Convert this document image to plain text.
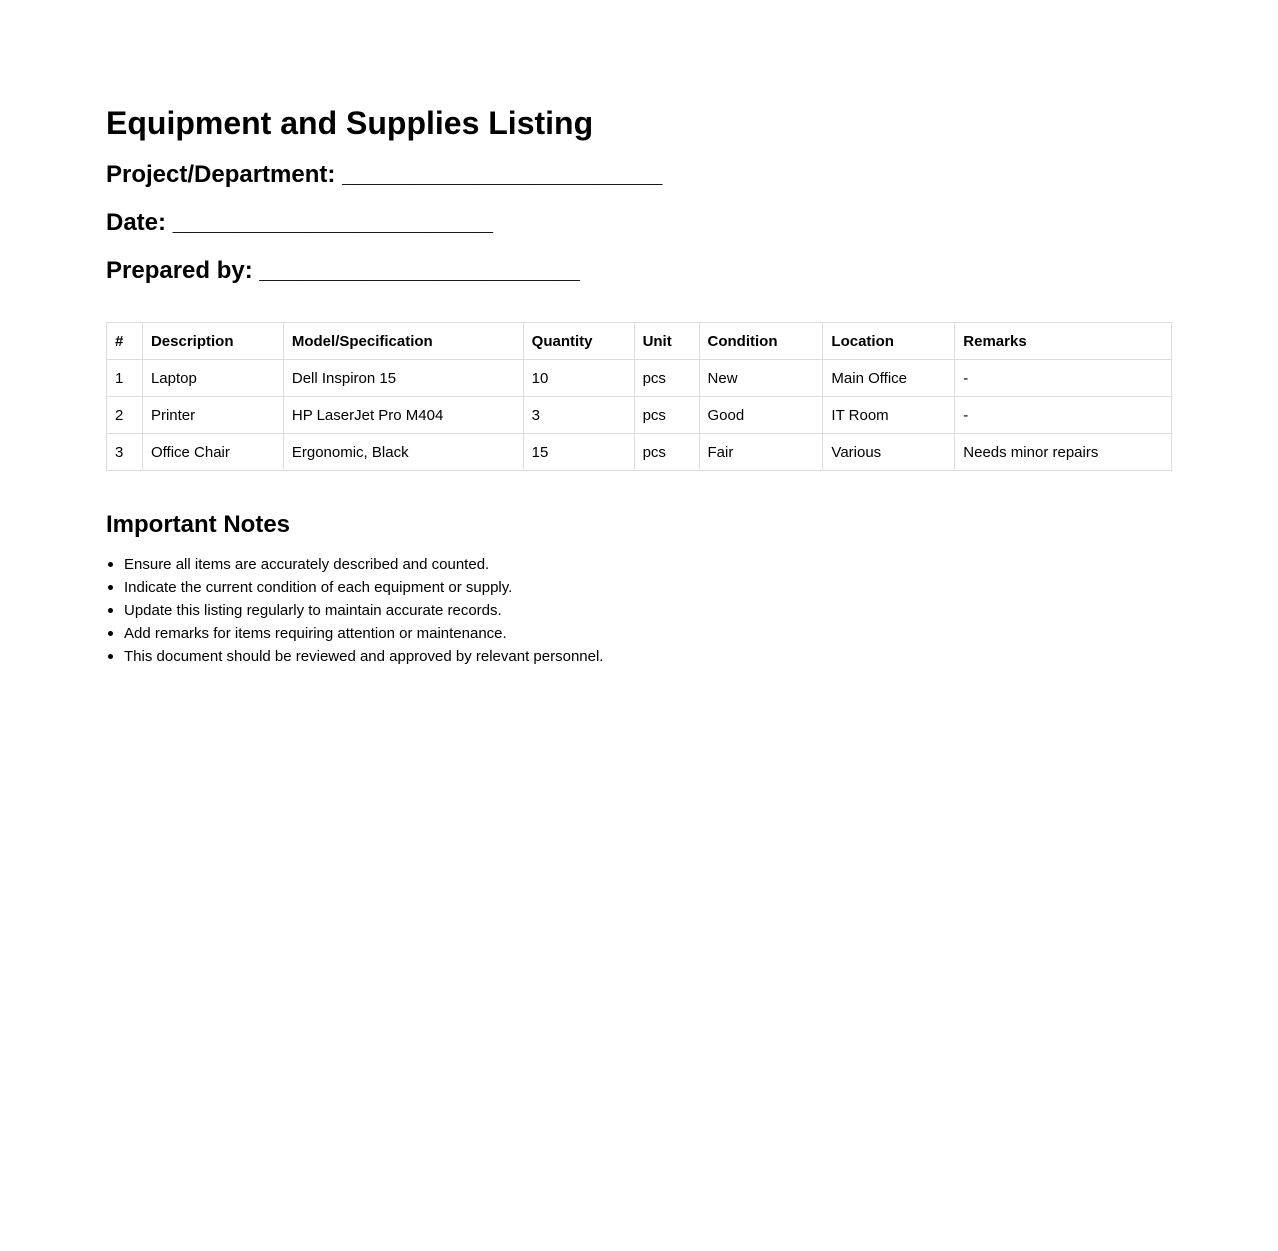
Equipment and Supplies Listing

Project/Department: ________________________

Date: ________________________

Prepared by: ________________________

#	Description	Model/Specification	Quantity	Unit	Condition	Location	Remarks
1	Laptop	Dell Inspiron 15	10	pcs	New	Main Office	-
2	Printer	HP LaserJet Pro M404	3	pcs	Good	IT Room	-
3	Office Chair	Ergonomic, Black	15	pcs	Fair	Various	Needs minor repairs
Important Notes
Ensure all items are accurately described and counted.
Indicate the current condition of each equipment or supply.
Update this listing regularly to maintain accurate records.
Add remarks for items requiring attention or maintenance.
This document should be reviewed and approved by relevant personnel.
